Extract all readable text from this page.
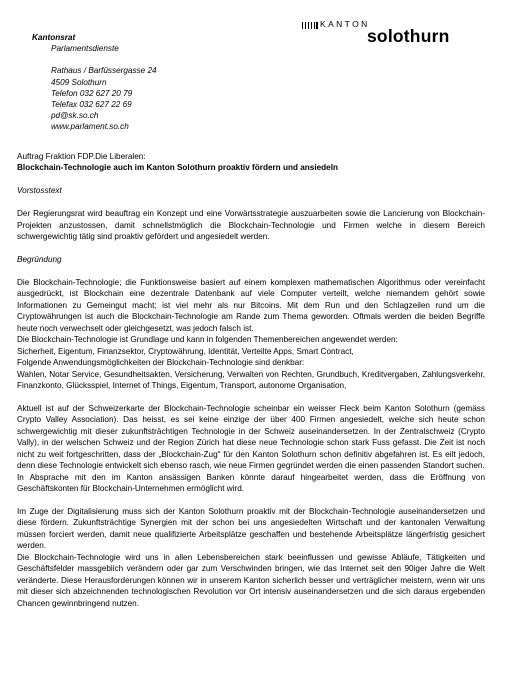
KANTON
solothurn
Kantonsrat
Parlamentsdienste
Rathaus / Barfüssergasse 24
4509 Solothurn
Telefon 032 627 20 79
Telefax 032 627 22 69
pd@sk.so.ch
www.parlament.so.ch

Auftrag Fraktion FDP.Die Liberalen:

Blockchain-Technologie auch im Kanton Solothurn proaktiv fördern und ansiedeln

Vorstosstext

Der Regierungsrat wird beauftrag ein Konzept und eine Vorwärtsstrategie auszuarbeiten sowie die Lancierung von Blockchain-Projekten anzustossen, damit schnellstmöglich die Blockchain-Technologie und Firmen welche in diesem Bereich schwergewichtig tätig sind proaktiv gefördert und angesiedelt werden.

Begründung

Die Blockchain-Technologie; die Funktionsweise basiert auf einem komplexen mathematischen Algorithmus oder vereinfacht ausgedrückt, ist Blockchain eine dezentrale Datenbank auf viele Computer verteilt, welche niemandem gehört sowie Informationen zu Gemeingut macht; ist viel mehr als nur Bitcoins. Mit dem Run und den Schlagzeilen rund um die Cryptowährungen ist auch die Blockchain-Technologie am Rande zum Thema geworden. Oftmals werden die beiden Begriffe heute noch verwechselt oder gleichgesetzt, was jedoch falsch ist.

Die Blockchain-Technologie ist Grundlage und kann in folgenden Themenbereichen angewendet werden:

Sicherheit, Eigentum, Finanzsektor, Cryptowährung, Identität, Verteilte Apps, Smart Contract,

Folgende Anwendungsmöglichkeiten der Blockchain-Technologie sind denkbar:

Wahlen, Notar Service, Gesundheitsakten, Versicherung, Verwalten von Rechten, Grundbuch, Kreditvergaben, Zahlungsverkehr, Finanzkonto, Glücksspiel, Internet of Things, Eigentum, Transport, autonome Organisation,

Aktuell ist auf der Schweizerkarte der Blockchain-Technologie scheinbar ein weisser Fleck beim Kanton Solothurn (gemäss Crypto Valley Association). Das heisst, es sei keine einzige der über 400 Firmen angesiedelt, welche sich heute schon schwergewichtig mit dieser zukunftsträchtigen Technologie in der Schweiz auseinandersetzen. In der Zentralschweiz (Crypto Vally), in der welschen Schweiz und der Region Zürich hat diese neue Technologie schon stark Fuss gefasst. Die Zeit ist noch nicht zu weit fortgeschritten, dass der „Blockchain-Zug“ für den Kanton Solothurn schon definitiv abgefahren ist. Es eilt jedoch, denn diese Technologie entwickelt sich ebenso rasch, wie neue Firmen gegründet werden die einen passenden Standort suchen.

In Absprache mit den im Kanton ansässigen Banken könnte darauf hingearbeitet werden, dass die Eröffnung von Geschäftskonten für Blockchain-Unternehmen ermöglicht wird.

Im Zuge der Digitalisierung muss sich der Kanton Solothurn proaktiv mit der Blockchain-Technologie auseinandersetzen und diese fördern. Zukunftsträchtige Synergien mit der schon bei uns angesiedelten Wirtschaft und der kantonalen Verwaltung müssen forciert werden, damit neue qualifizierte Arbeitsplätze geschaffen und bestehende Arbeitsplätze längerfristig gesichert werden.

Die Blockchain-Technologie wird uns in allen Lebensbereichen stark beeinflussen und gewisse Abläufe, Tätigkeiten und Geschäftsfelder massgeblich verändern oder gar zum Verschwinden bringen, wie das Internet seit den 90iger Jahre die Welt veränderte. Diese Herausforderungen können wir in unserem Kanton sicherlich besser und verträglicher meistern, wenn wir uns mit dieser sich abzeichnenden technologischen Revolution vor Ort intensiv auseinandersetzen und die sich daraus ergebenden Chancen gewinnbringend nutzen.
